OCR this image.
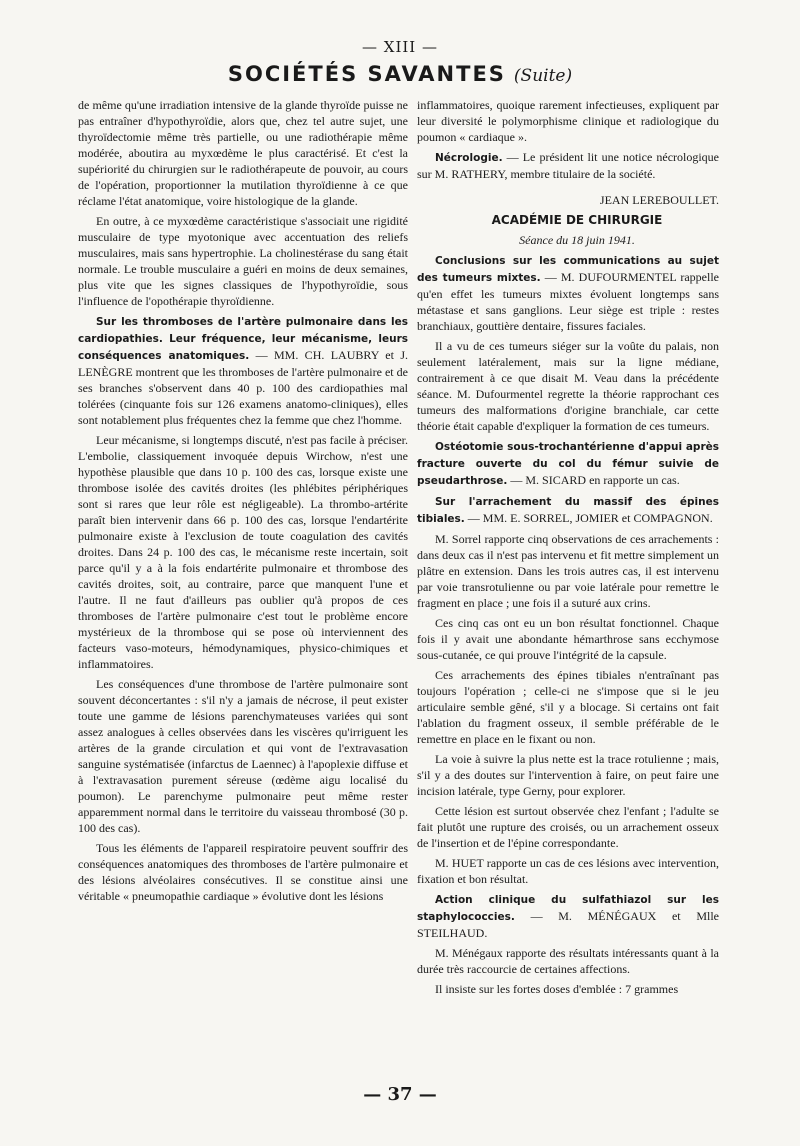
— XIII —
SOCIÉTÉS SAVANTES (Suite)

de même qu'une irradiation intensive de la glande thyroïde puisse ne pas entraîner d'hypothyroïdie, alors que, chez tel autre sujet, une thyroïdectomie même très partielle, ou une radiothérapie même modérée, aboutira au myxœdème le plus caractérisé. Et c'est la supériorité du chirurgien sur le radiothérapeute de pouvoir, au cours de l'opération, proportionner la mutilation thyroïdienne à ce que réclame l'état anatomique, voire histologique de la glande.

En outre, à ce myxœdème caractéristique s'associait une rigidité musculaire de type myotonique avec accentuation des reliefs musculaires, mais sans hypertrophie. La cholinestérase du sang était normale. Le trouble musculaire a guéri en moins de deux semaines, plus vite que les signes classiques de l'hypothyroïdie, sous l'influence de l'opothérapie thyroïdienne.

Sur les thromboses de l'artère pulmonaire dans les cardiopathies. Leur fréquence, leur mécanisme, leurs conséquences anatomiques. — MM. CH. LAUBRY et J. LENÈGRE montrent que les thromboses de l'artère pulmonaire et de ses branches s'observent dans 40 p. 100 des cardiopathies mal tolérées (cinquante fois sur 126 examens anatomo-cliniques), elles sont notablement plus fréquentes chez la femme que chez l'homme.

Leur mécanisme, si longtemps discuté, n'est pas facile à préciser. L'embolie, classiquement invoquée depuis Wirchow, n'est une hypothèse plausible que dans 10 p. 100 des cas, lorsque existe une thrombose isolée des cavités droites (les phlébites périphériques sont si rares que leur rôle est négligeable). La thrombo-artérite paraît bien intervenir dans 66 p. 100 des cas, lorsque l'endartérite pulmonaire existe à l'exclusion de toute coagulation des cavités droites. Dans 24 p. 100 des cas, le mécanisme reste incertain, soit parce qu'il y a à la fois endartérite pulmonaire et thrombose des cavités droites, soit, au contraire, parce que manquent l'une et l'autre. Il ne faut d'ailleurs pas oublier qu'à propos de ces thromboses de l'artère pulmonaire c'est tout le problème encore mystérieux de la thrombose qui se pose où interviennent des facteurs vaso-moteurs, hémodynamiques, physico-chimiques et inflammatoires.

Les conséquences d'une thrombose de l'artère pulmonaire sont souvent déconcertantes : s'il n'y a jamais de nécrose, il peut exister toute une gamme de lésions parenchymateuses variées qui sont assez analogues à celles observées dans les viscères qu'irriguent les artères de la grande circulation et qui vont de l'extravasation sanguine systématisée (infarctus de Laennec) à l'apoplexie diffuse et à l'extravasation purement séreuse (œdème aigu localisé du poumon). Le parenchyme pulmonaire peut même rester apparemment normal dans le territoire du vaisseau thrombosé (30 p. 100 des cas).

Tous les éléments de l'appareil respiratoire peuvent souffrir des conséquences anatomiques des thromboses de l'artère pulmonaire et des lésions alvéolaires consécutives. Il se constitue ainsi une véritable « pneumopathie cardiaque » évolutive dont les lésions

inflammatoires, quoique rarement infectieuses, expliquent par leur diversité le polymorphisme clinique et radiologique du poumon « cardiaque ».

Nécrologie. — Le président lit une notice nécrologique sur M. RATHERY, membre titulaire de la société.

JEAN LEREBOULLET.

ACADÉMIE DE CHIRURGIE

Séance du 18 juin 1941.

Conclusions sur les communications au sujet des tumeurs mixtes. — M. DUFOURMENTEL rappelle qu'en effet les tumeurs mixtes évoluent longtemps sans métastase et sans ganglions. Leur siège est triple : restes branchiaux, gouttière dentaire, fissures faciales.

Il a vu de ces tumeurs siéger sur la voûte du palais, non seulement latéralement, mais sur la ligne médiane, contrairement à ce que disait M. Veau dans la précédente séance. M. Dufourmentel regrette la théorie rapprochant ces tumeurs des malformations d'origine branchiale, car cette théorie était capable d'expliquer la formation de ces tumeurs.

Ostéotomie sous-trochantérienne d'appui après fracture ouverte du col du fémur suivie de pseudarthrose. — M. SICARD en rapporte un cas.

Sur l'arrachement du massif des épines tibiales. — MM. E. SORREL, JOMIER et COMPAGNON.

M. Sorrel rapporte cinq observations de ces arrachements : dans deux cas il n'est pas intervenu et fit mettre simplement un plâtre en extension. Dans les trois autres cas, il est intervenu par voie transrotulienne ou par voie latérale pour remettre le fragment en place ; une fois il a suturé aux crins.

Ces cinq cas ont eu un bon résultat fonctionnel. Chaque fois il y avait une abondante hémarthrose sans ecchymose sous-cutanée, ce qui prouve l'intégrité de la capsule.

Ces arrachements des épines tibiales n'entraînant pas toujours l'opération ; celle-ci ne s'impose que si le jeu articulaire semble gêné, s'il y a blocage. Si certains ont fait l'ablation du fragment osseux, il semble préférable de le remettre en place en le fixant ou non.

La voie à suivre la plus nette est la trace rotulienne ; mais, s'il y a des doutes sur l'intervention à faire, on peut faire une incision latérale, type Gerny, pour explorer.

Cette lésion est surtout observée chez l'enfant ; l'adulte se fait plutôt une rupture des croisés, ou un arrachement osseux de l'insertion et de l'épine correspondante.

M. HUET rapporte un cas de ces lésions avec intervention, fixation et bon résultat.

Action clinique du sulfathiazol sur les staphylococcies. — M. MÉNÉGAUX et Mlle STEILHAUD.

M. Ménégaux rapporte des résultats intéressants quant à la durée très raccourcie de certaines affections.

Il insiste sur les fortes doses d'emblée : 7 grammes

— 37 —
